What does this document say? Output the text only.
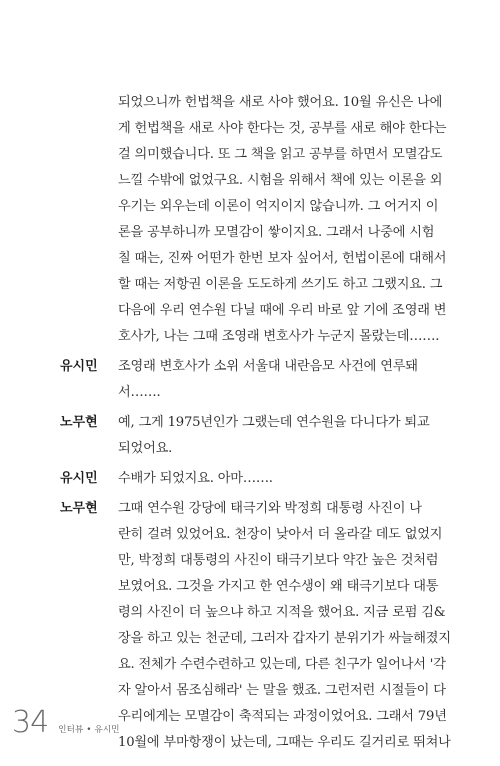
되었으니까 헌법책을 새로 사야 했어요. 10월 유신은 나에
게 헌법책을 새로 사야 한다는 것, 공부를 새로 해야 한다는
걸 의미했습니다. 또 그 책을 읽고 공부를 하면서 모멸감도
느낄 수밖에 없었구요. 시험을 위해서 책에 있는 이론을 외
우기는 외우는데 이론이 억지이지 않습니까. 그 어거지 이
론을 공부하니까 모멸감이 쌓이지요. 그래서 나중에 시험
칠 때는, 진짜 어떤가 한번 보자 싶어서, 헌법이론에 대해서
할 때는 저항권 이론을 도도하게 쓰기도 하고 그랬지요. 그
다음에 우리 연수원 다닐 때에 우리 바로 앞 기에 조영래 변
호사가, 나는 그때 조영래 변호사가 누군지 몰랐는데…….
유시민 조영래 변호사가 소위 서울대 내란음모 사건에 연루돼
서…….
노무현 예, 그게 1975년인가 그랬는데 연수원을 다니다가 퇴교
되었어요.
유시민 수배가 되었지요. 아마…….
노무현 그때 연수원 강당에 태극기와 박정희 대통령 사진이 나
란히 걸려 있었어요. 천장이 낮아서 더 올라갈 데도 없었지
만, 박정희 대통령의 사진이 태극기보다 약간 높은 것처럼
보였어요. 그것을 가지고 한 연수생이 왜 태극기보다 대통
령의 사진이 더 높으냐 하고 지적을 했어요. 지금 로펌 김&
장을 하고 있는 천군데, 그러자 갑자기 분위기가 싸늘해졌지
요. 전체가 수련수련하고 있는데, 다른 친구가 일어나서 '각
자 알아서 몸조심해라' 는 말을 했죠. 그런저런 시절들이 다
우리에게는 모멸감이 축적되는 과정이었어요. 그래서 79년
10월에 부마항쟁이 났는데, 그때는 우리도 길거리로 뛰쳐나
34 인터뷰 • 유시민
